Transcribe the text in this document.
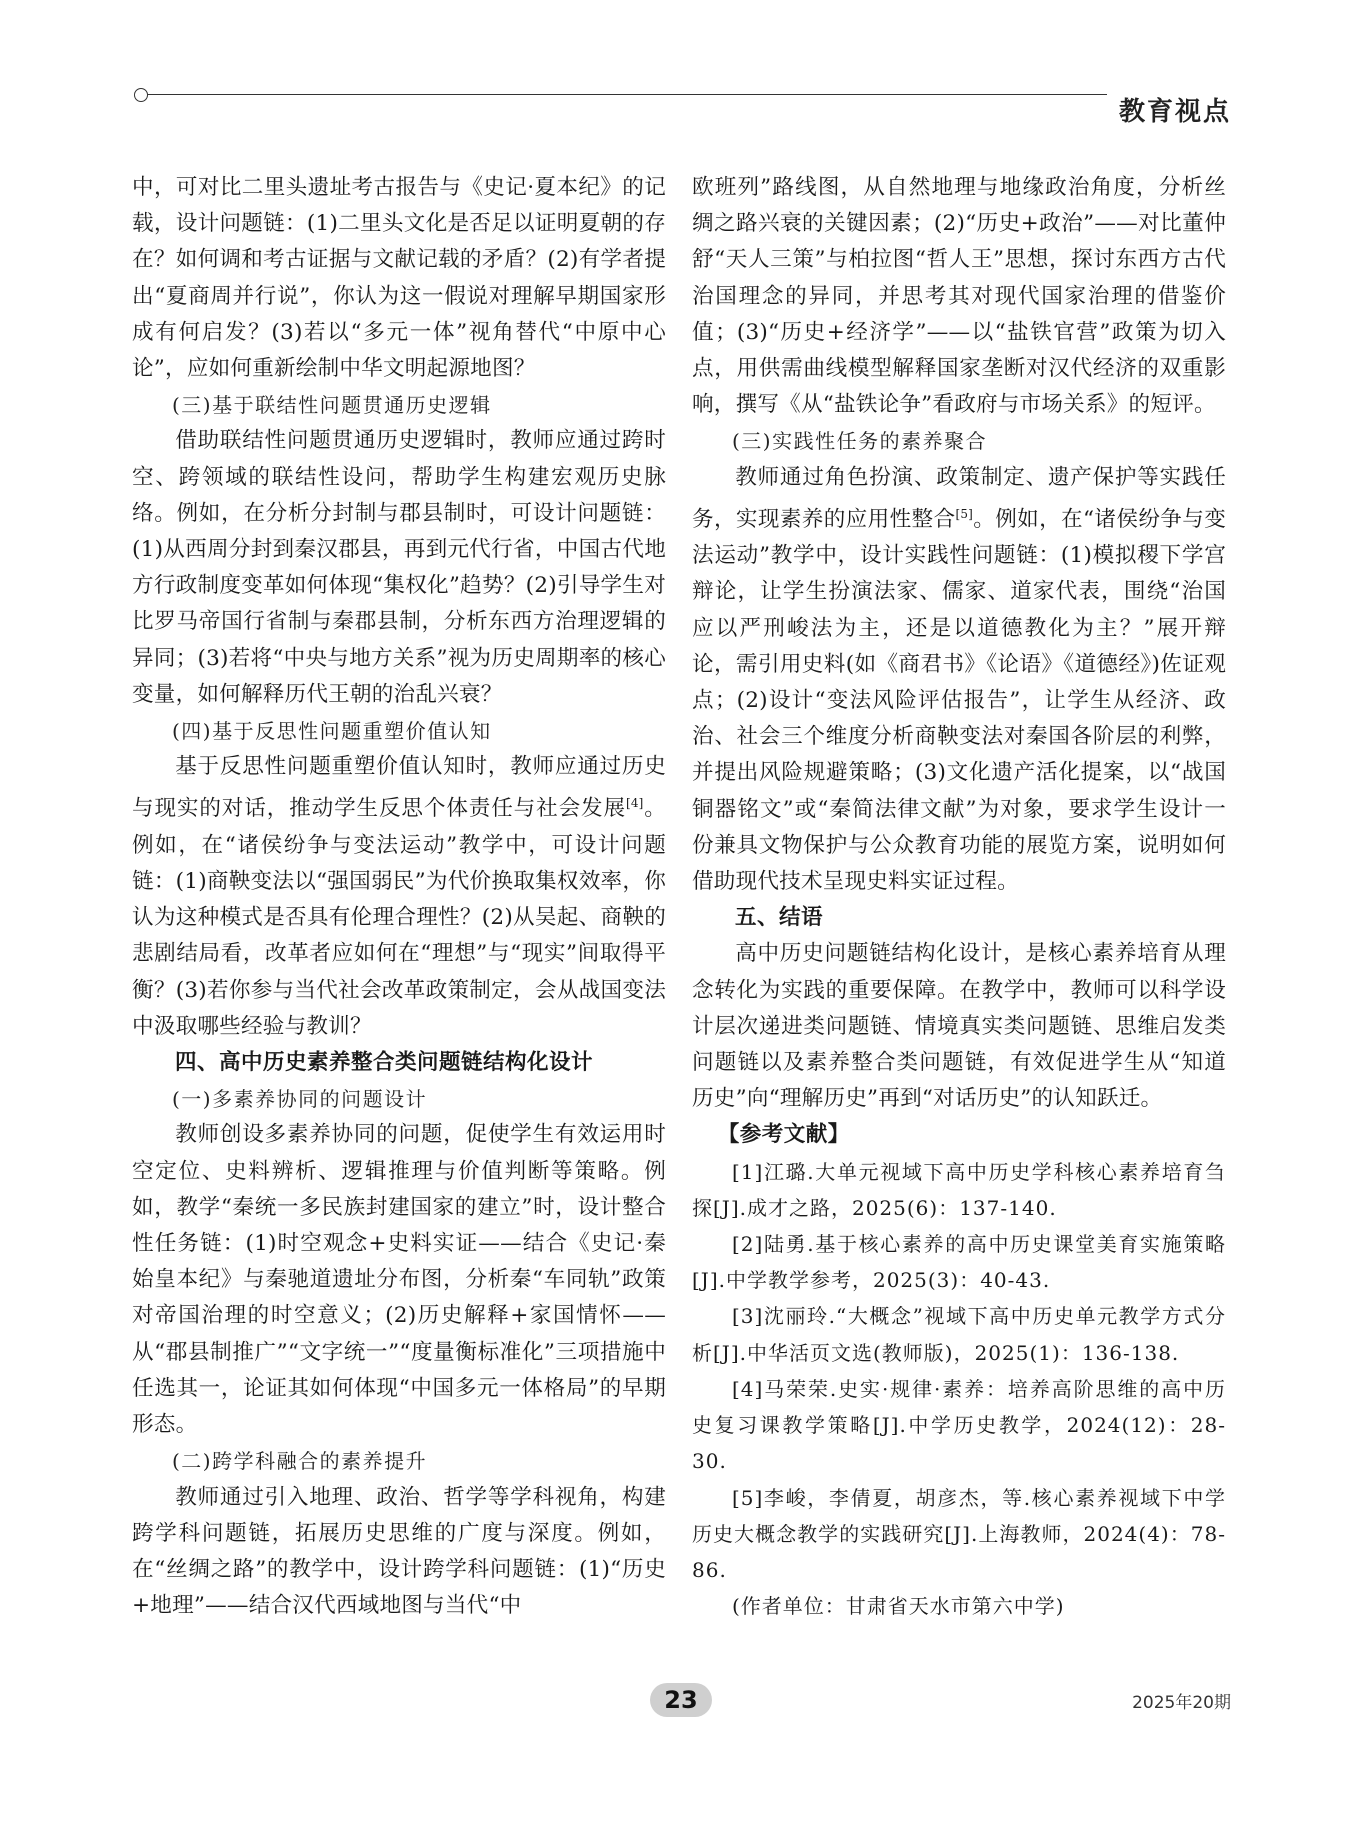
教育视点

中，可对比二里头遗址考古报告与《史记·夏本纪》的记载，设计问题链：(1)二里头文化是否足以证明夏朝的存在？如何调和考古证据与文献记载的矛盾？(2)有学者提出“夏商周并行说”，你认为这一假说对理解早期国家形成有何启发？(3)若以“多元一体”视角替代“中原中心论”，应如何重新绘制中华文明起源地图？

(三)基于联结性问题贯通历史逻辑

借助联结性问题贯通历史逻辑时，教师应通过跨时空、跨领域的联结性设问，帮助学生构建宏观历史脉络。例如，在分析分封制与郡县制时，可设计问题链：(1)从西周分封到秦汉郡县，再到元代行省，中国古代地方行政制度变革如何体现“集权化”趋势？(2)引导学生对比罗马帝国行省制与秦郡县制，分析东西方治理逻辑的异同；(3)若将“中央与地方关系”视为历史周期率的核心变量，如何解释历代王朝的治乱兴衰？

(四)基于反思性问题重塑价值认知

基于反思性问题重塑价值认知时，教师应通过历史与现实的对话，推动学生反思个体责任与社会发展[4]。例如，在“诸侯纷争与变法运动”教学中，可设计问题链：(1)商鞅变法以“强国弱民”为代价换取集权效率，你认为这种模式是否具有伦理合理性？(2)从吴起、商鞅的悲剧结局看，改革者应如何在“理想”与“现实”间取得平衡？(3)若你参与当代社会改革政策制定，会从战国变法中汲取哪些经验与教训？

四、高中历史素养整合类问题链结构化设计

(一)多素养协同的问题设计

教师创设多素养协同的问题，促使学生有效运用时空定位、史料辨析、逻辑推理与价值判断等策略。例如，教学“秦统一多民族封建国家的建立”时，设计整合性任务链：(1)时空观念+史料实证——结合《史记·秦始皇本纪》与秦驰道遗址分布图，分析秦“车同轨”政策对帝国治理的时空意义；(2)历史解释+家国情怀——从“郡县制推广”“文字统一”“度量衡标准化”三项措施中任选其一，论证其如何体现“中国多元一体格局”的早期形态。

(二)跨学科融合的素养提升

教师通过引入地理、政治、哲学等学科视角，构建跨学科问题链，拓展历史思维的广度与深度。例如，在“丝绸之路”的教学中，设计跨学科问题链：(1)“历史+地理”——结合汉代西域地图与当代“中

欧班列”路线图，从自然地理与地缘政治角度，分析丝绸之路兴衰的关键因素；(2)“历史+政治”——对比董仲舒“天人三策”与柏拉图“哲人王”思想，探讨东西方古代治国理念的异同，并思考其对现代国家治理的借鉴价值；(3)“历史+经济学”——以“盐铁官营”政策为切入点，用供需曲线模型解释国家垄断对汉代经济的双重影响，撰写《从“盐铁论争”看政府与市场关系》的短评。

(三)实践性任务的素养聚合

教师通过角色扮演、政策制定、遗产保护等实践任务，实现素养的应用性整合[5]。例如，在“诸侯纷争与变法运动”教学中，设计实践性问题链：(1)模拟稷下学宫辩论，让学生扮演法家、儒家、道家代表，围绕“治国应以严刑峻法为主，还是以道德教化为主？”展开辩论，需引用史料(如《商君书》《论语》《道德经》)佐证观点；(2)设计“变法风险评估报告”，让学生从经济、政治、社会三个维度分析商鞅变法对秦国各阶层的利弊，并提出风险规避策略；(3)文化遗产活化提案，以“战国铜器铭文”或“秦简法律文献”为对象，要求学生设计一份兼具文物保护与公众教育功能的展览方案，说明如何借助现代技术呈现史料实证过程。

五、结语

高中历史问题链结构化设计，是核心素养培育从理念转化为实践的重要保障。在教学中，教师可以科学设计层次递进类问题链、情境真实类问题链、思维启发类问题链以及素养整合类问题链，有效促进学生从“知道历史”向“理解历史”再到“对话历史”的认知跃迁。

【参考文献】

[1]江璐.大单元视域下高中历史学科核心素养培育刍探[J].成才之路，2025(6)：137-140.

[2]陆勇.基于核心素养的高中历史课堂美育实施策略[J].中学教学参考，2025(3)：40-43.

[3]沈丽玲.“大概念”视域下高中历史单元教学方式分析[J].中华活页文选(教师版)，2025(1)：136-138.

[4]马荣荣.史实·规律·素养：培养高阶思维的高中历史复习课教学策略[J].中学历史教学，2024(12)：28-30.

[5]李峻，李倩夏，胡彦杰，等.核心素养视域下中学历史大概念教学的实践研究[J].上海教师，2024(4)：78-86.

(作者单位：甘肃省天水市第六中学)

23	2025年20期
